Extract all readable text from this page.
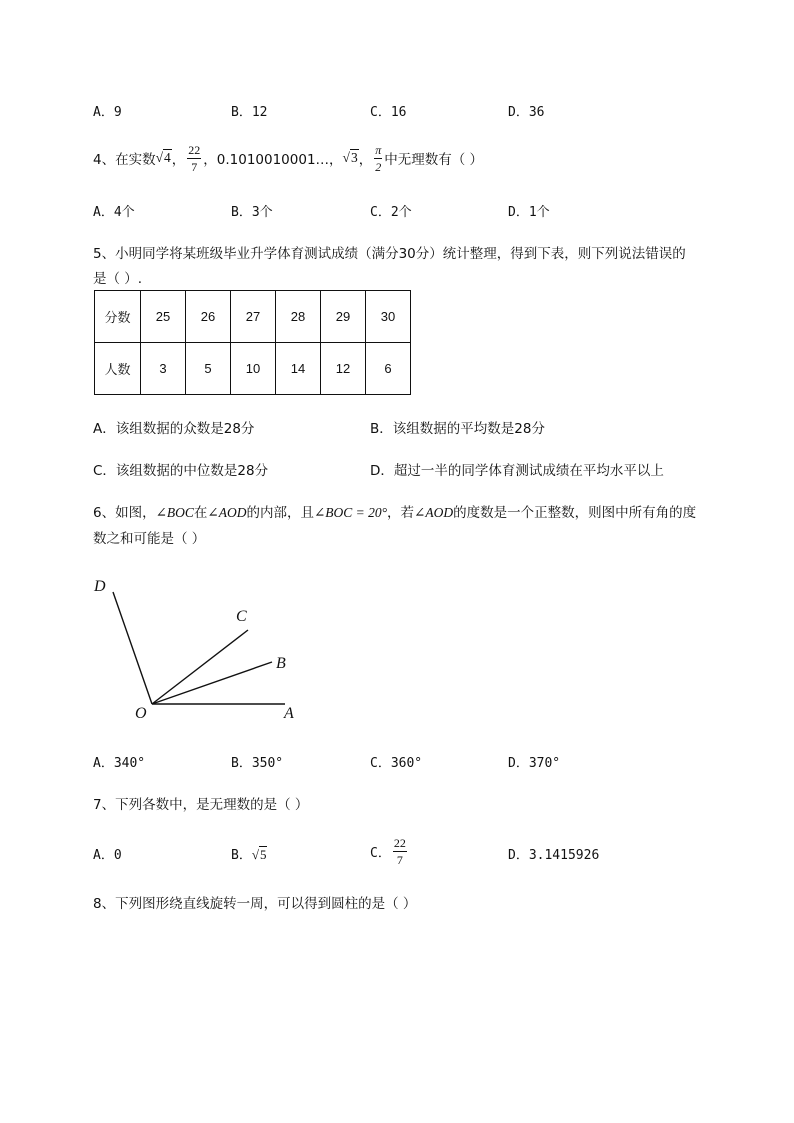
A．9	B．12	C．16	D．36
4、在实数 √4 ， $\frac{22}{7}$ ，0.1010010001…， √3 ， $\frac{\pi}{2}$ 中无理数有（ ）
A．4个	B．3个	C．2个	D．1个
5、小明同学将某班级毕业升学体育测试成绩（满分30分）统计整理，得到下表，则下列说法错误的
是（ ）.
分数	25	26	27	28	29	30
人数	3	5	10	14	12	6
A．该组数据的众数是28分	B．该组数据的平均数是28分
C．该组数据的中位数是28分	D．超过一半的同学体育测试成绩在平均水平以上
6、如图，∠BOC在∠AOD的内部，且∠BOC = 20°，若∠AOD的度数是一个正整数，则图中所有角的度
数之和可能是（ ）
D
C
B
O	A
A．340°	B．350°	C．360°	D．370°
7、下列各数中，是无理数的是（ ）
A．0	B．√5	C． $\frac{22}{7}$	D．3.1415926
8、下列图形绕直线旋转一周，可以得到圆柱的是（ ）
